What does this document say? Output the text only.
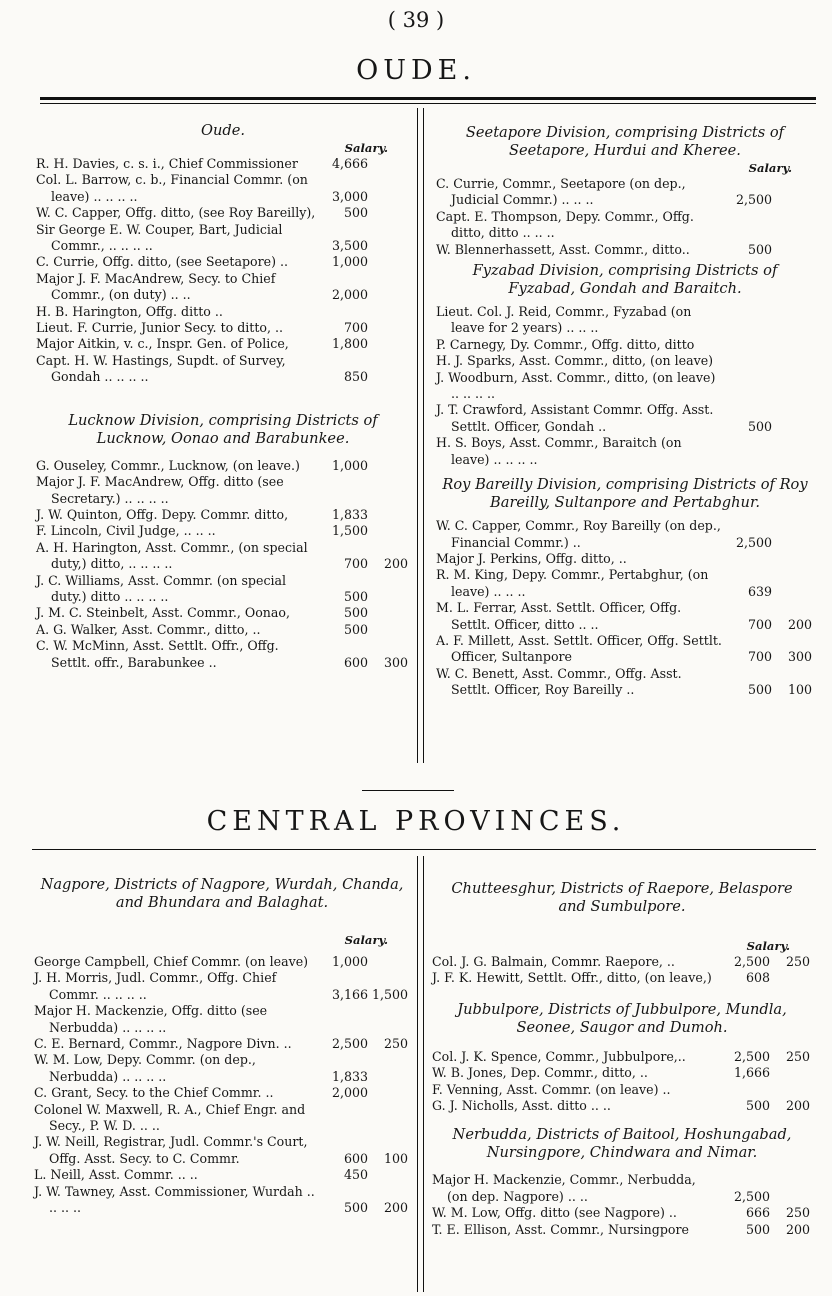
( 39 )
OUDE.
Oude.
Salary.
R. H. Davies, c. s. i., Chief Commissioner	4,666
Col. L. Barrow, c. b., Financial Commr. (on leave) .. .. .. ..	3,000
W. C. Capper, Offg. ditto, (see Roy Bareilly),	500
Sir George E. W. Couper, Bart, Judicial Commr., .. .. .. ..	3,500
C. Currie, Offg. ditto, (see Seetapore) ..	1,000
Major J. F. MacAndrew, Secy. to Chief Commr., (on duty) .. ..	2,000
H. B. Harington, Offg. ditto ..
Lieut. F. Currie, Junior Secy. to ditto, ..	700
Major Aitkin, v. c., Inspr. Gen. of Police,	1,800
Capt. H. W. Hastings, Supdt. of Survey, Gondah .. .. .. ..	850
Lucknow Division, comprising Districts of Lucknow, Oonao and Barabunkee.
G. Ouseley, Commr., Lucknow, (on leave.)	1,000
Major J. F. MacAndrew, Offg. ditto (see Secretary.) .. .. .. ..
J. W. Quinton, Offg. Depy. Commr. ditto,	1,833
F. Lincoln, Civil Judge, .. .. ..	1,500
A. H. Harington, Asst. Commr., (on special duty,) ditto, .. .. .. ..	700	200
J. C. Williams, Asst. Commr. (on special duty.) ditto .. .. .. ..	500
J. M. C. Steinbelt, Asst. Commr., Oonao,	500
A. G. Walker, Asst. Commr., ditto, ..	500
C. W. McMinn, Asst. Settlt. Offr., Offg. Settlt. offr., Barabunkee ..	600	300
Seetapore Division, comprising Districts of Seetapore, Hurdui and Kheree.
Salary.
C. Currie, Commr., Seetapore (on dep., Judicial Commr.) .. .. ..	2,500
Capt. E. Thompson, Depy. Commr., Offg. ditto, ditto .. .. ..
W. Blennerhassett, Asst. Commr., ditto..	500
Fyzabad Division, comprising Districts of Fyzabad, Gondah and Baraitch.
Lieut. Col. J. Reid, Commr., Fyzabad (on leave for 2 years) .. .. ..
P. Carnegy, Dy. Commr., Offg. ditto, ditto
H. J. Sparks, Asst. Commr., ditto, (on leave)
J. Woodburn, Asst. Commr., ditto, (on leave) .. .. .. ..
J. T. Crawford, Assistant Commr. Offg. Asst. Settlt. Officer, Gondah ..	500
H. S. Boys, Asst. Commr., Baraitch (on leave) .. .. .. ..
Roy Bareilly Division, comprising Districts of Roy Bareilly, Sultanpore and Pertabghur.
W. C. Capper, Commr., Roy Bareilly (on dep., Financial Commr.) ..	2,500
Major J. Perkins, Offg. ditto, ..
R. M. King, Depy. Commr., Pertabghur, (on leave) .. .. ..	639
M. L. Ferrar, Asst. Settlt. Officer, Offg. Settlt. Officer, ditto .. ..	700	200
A. F. Millett, Asst. Settlt. Officer, Offg. Settlt. Officer, Sultanpore	700	300
W. C. Benett, Asst. Commr., Offg. Asst. Settlt. Officer, Roy Bareilly ..	500	100
CENTRAL PROVINCES.
Nagpore, Districts of Nagpore, Wurdah, Chanda, and Bhundara and Balaghat.
Salary.
George Campbell, Chief Commr. (on leave)	1,000
J. H. Morris, Judl. Commr., Offg. Chief Commr. .. .. .. ..	3,166 1,500
Major H. Mackenzie, Offg. ditto (see Nerbudda) .. .. .. ..
C. E. Bernard, Commr., Nagpore Divn. ..	2,500	250
W. M. Low, Depy. Commr. (on dep., Nerbudda) .. .. .. ..	1,833
C. Grant, Secy. to the Chief Commr. ..	2,000
Colonel W. Maxwell, R. A., Chief Engr. and Secy., P. W. D. .. ..
J. W. Neill, Registrar, Judl. Commr.'s Court, Offg. Asst. Secy. to C. Commr.	600	100
L. Neill, Asst. Commr. .. ..	450
J. W. Tawney, Asst. Commissioner, Wurdah .. .. .. ..	500	200
Chutteesghur, Districts of Raepore, Belaspore and Sumbulpore.
Salary.
Col. J. G. Balmain, Commr. Raepore, ..	2,500	250
J. F. K. Hewitt, Settlt. Offr., ditto, (on leave,)	608
Jubbulpore, Districts of Jubbulpore, Mundla, Seonee, Saugor and Dumoh.
Col. J. K. Spence, Commr., Jubbulpore,..	2,500	250
W. B. Jones, Dep. Commr., ditto, ..	1,666
F. Venning, Asst. Commr. (on leave) ..
G. J. Nicholls, Asst. ditto .. ..	500	200
Nerbudda, Districts of Baitool, Hoshungabad, Nursingpore, Chindwara and Nimar.
Major H. Mackenzie, Commr., Nerbudda, (on dep. Nagpore) .. ..	2,500
W. M. Low, Offg. ditto (see Nagpore) ..	666	250
T. E. Ellison, Asst. Commr., Nursingpore	500	200
